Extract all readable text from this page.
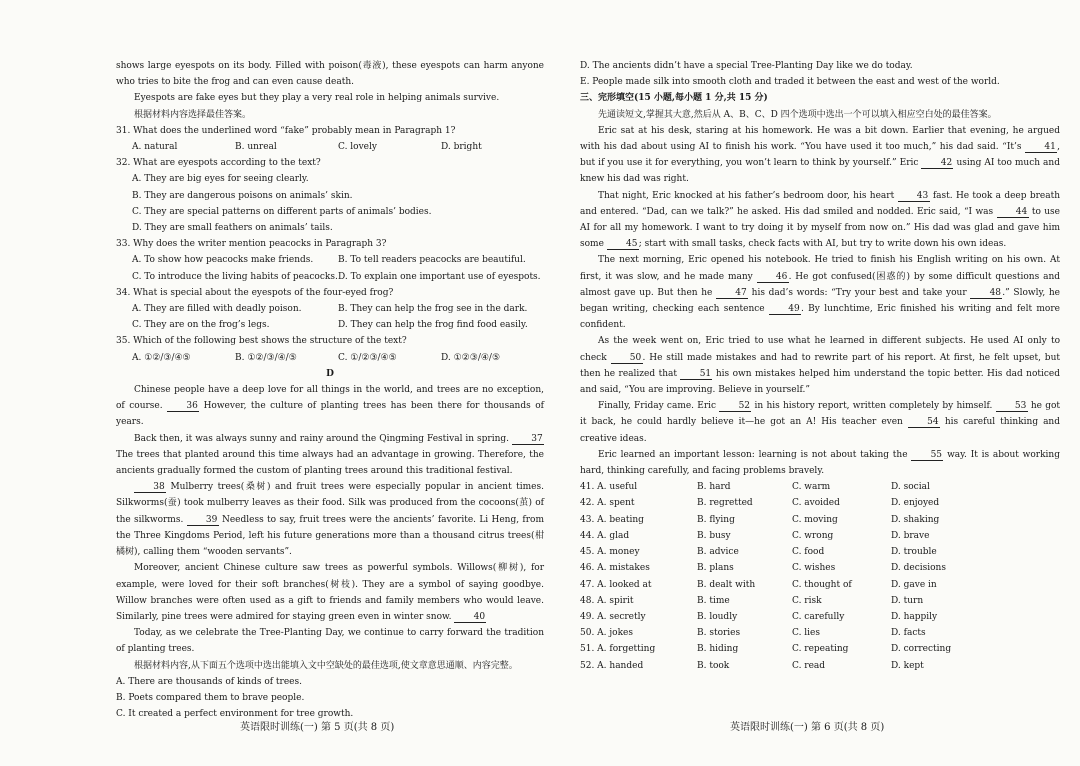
shows large eyespots on its body. Filled with poison(毒液), these eyespots can harm anyone who tries to bite the frog and can even cause death.

Eyespots are fake eyes but they play a very real role in helping animals survive.

根据材料内容选择最佳答案。

31. What does the underlined word “fake” probably mean in Paragraph 1?

A. natural	B. unreal	C. lovely	D. bright

32. What are eyespots according to the text?

A. They are big eyes for seeing clearly.

B. They are dangerous poisons on animals’ skin.

C. They are special patterns on different parts of animals’ bodies.

D. They are small feathers on animals’ tails.

33. Why does the writer mention peacocks in Paragraph 3?

A. To show how peacocks make friends.	B. To tell readers peacocks are beautiful.
C. To introduce the living habits of peacocks. D. To explain one important use of eyespots.

34. What is special about the eyespots of the four-eyed frog?

A. They are filled with deadly poison.	B. They can help the frog see in the dark.
C. They are on the frog’s legs.	D. They can help the frog find food easily.

35. Which of the following best shows the structure of the text?

A. ①②/③/④⑤	B. ①②/③/④/⑤	C. ①/②③/④⑤	D. ①②③/④/⑤

D

Chinese people have a deep love for all things in the world, and trees are no exception, of course.	36 However, the culture of planting trees has been there for thousands of years.

Back then, it was always sunny and rainy around the Qingming Festival in spring. 37 The trees that planted around this time always had an advantage in growing. Therefore, the ancients gradually formed the custom of planting trees around this traditional festival.

38 Mulberry trees(桑树) and fruit trees were especially popular in ancient times. Silkworms(蚕) took mulberry leaves as their food. Silk was produced from the cocoons(茧) of the silkworms.	39 Needless to say, fruit trees were the ancients’ favorite. Li Heng, from the Three Kingdoms Period, left his future generations more than a thousand citrus trees(柑橘树), calling them “wooden servants”.

Moreover, ancient Chinese culture saw trees as powerful symbols. Willows(柳树), for example, were loved for their soft branches(树枝). They are a symbol of saying goodbye. Willow branches were often used as a gift to friends and family members who would leave. Similarly, pine trees were admired for staying green even in winter snow. 40

Today, as we celebrate the Tree-Planting Day, we continue to carry forward the tradition of planting trees.

根据材料内容,从下面五个选项中选出能填入文中空缺处的最佳选项,使文章意思通顺、内容完整。

A. There are thousands of kinds of trees.

B. Poets compared them to brave people.

C. It created a perfect environment for tree growth.

英语限时训练(一) 第 5 页(共 8 页)

D. The ancients didn’t have a special Tree-Planting Day like we do today.

E. People made silk into smooth cloth and traded it between the east and west of the world.

三、完形填空(15 小题,每小题 1 分,共 15 分)

先通读短文,掌握其大意,然后从 A、B、C、D 四个选项中选出一个可以填入相应空白处的最佳答案。

Eric sat at his desk, staring at his homework. He was a bit down. Earlier that evening, he argued with his dad about using AI to finish his work. “You have used it too much,” his dad said. “It’s 41, but if you use it for everything, you won’t learn to think by yourself.” Eric 42 using AI too much and knew his dad was right.

That night, Eric knocked at his father’s bedroom door, his heart 43 fast. He took a deep breath and entered. “Dad, can we talk?” he asked. His dad smiled and nodded. Eric said, “I was 44 to use AI for all my homework. I want to try doing it by myself from now on.” His dad was glad and gave him some 45; start with small tasks, check facts with AI, but try to write down his own ideas.

The next morning, Eric opened his notebook. He tried to finish his English writing on his own. At first, it was slow, and he made many 46. He got confused(困惑的) by some difficult questions and almost gave up. But then he 47 his dad’s words: “Try your best and take your 48.” Slowly, he began writing, checking each sentence 49. By lunchtime, Eric finished his writing and felt more confident.

As the week went on, Eric tried to use what he learned in different subjects. He used AI only to check 50. He still made mistakes and had to rewrite part of his report. At first, he felt upset, but then he realized that 51 his own mistakes helped him understand the topic better. His dad noticed and said, “You are improving. Believe in yourself.”

Finally, Friday came. Eric 52 in his history report, written completely by himself. 53 he got it back, he could hardly believe it—he got an A! His teacher even 54 his careful thinking and creative ideas.

Eric learned an important lesson: learning is not about taking the 55 way. It is about working hard, thinking carefully, and facing problems bravely.

41. A. useful	B. hard	C. warm	D. social
42. A. spent	B. regretted	C. avoided	D. enjoyed
43. A. beating	B. flying	C. moving	D. shaking
44. A. glad	B. busy	C. wrong	D. brave
45. A. money	B. advice	C. food	D. trouble
46. A. mistakes	B. plans	C. wishes	D. decisions
47. A. looked at	B. dealt with	C. thought of	D. gave in
48. A. spirit	B. time	C. risk	D. turn
49. A. secretly	B. loudly	C. carefully	D. happily
50. A. jokes	B. stories	C. lies	D. facts
51. A. forgetting	B. hiding	C. repeating	D. correcting
52. A. handed	B. took	C. read	D. kept
英语限时训练(一) 第 6 页(共 8 页)
